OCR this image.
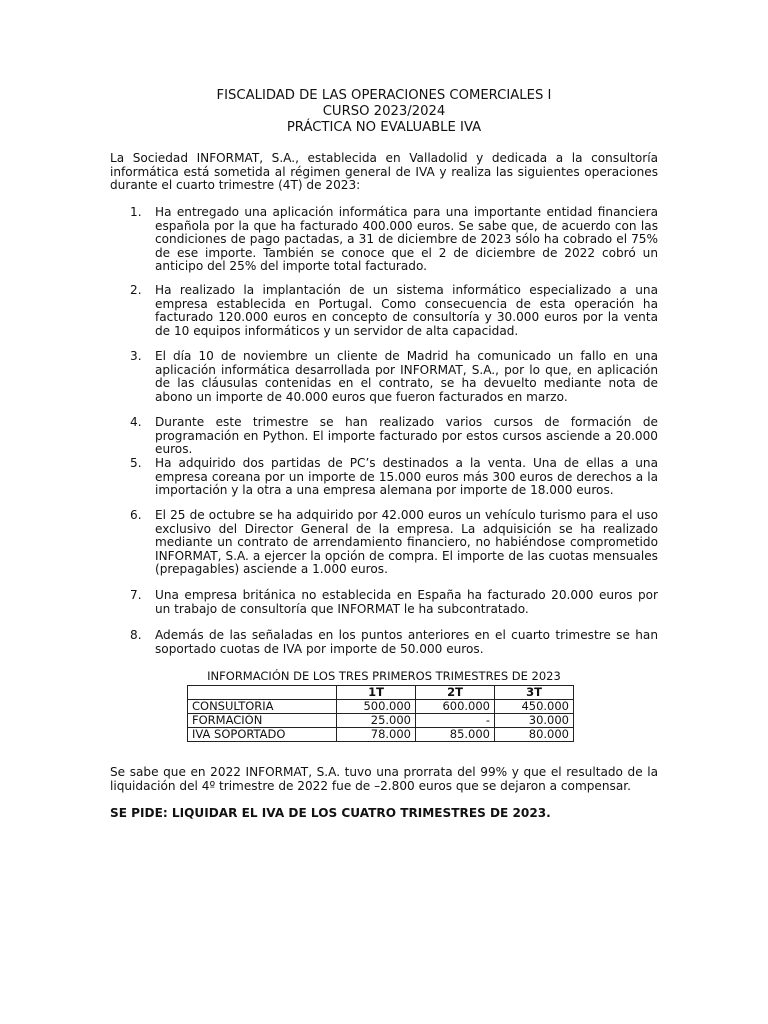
FISCALIDAD DE LAS OPERACIONES COMERCIALES I
CURSO 2023/2024
PRÁCTICA NO EVALUABLE IVA
La Sociedad INFORMAT, S.A., establecida en Valladolid y dedicada a la consultoría informática está sometida al régimen general de IVA y realiza las siguientes operaciones durante el cuarto trimestre (4T) de 2023:
1.	Ha entregado una aplicación informática para una importante entidad financiera española por la que ha facturado 400.000 euros. Se sabe que, de acuerdo con las condiciones de pago pactadas, a 31 de diciembre de 2023 sólo ha cobrado el 75% de ese importe. También se conoce que el 2 de diciembre de 2022 cobró un anticipo del 25% del importe total facturado.
2.	Ha realizado la implantación de un sistema informático especializado a una empresa establecida en Portugal. Como consecuencia de esta operación ha facturado 120.000 euros en concepto de consultoría y 30.000 euros por la venta de 10 equipos informáticos y un servidor de alta capacidad.
3.	El día 10 de noviembre un cliente de Madrid ha comunicado un fallo en una aplicación informática desarrollada por INFORMAT, S.A., por lo que, en aplicación de las cláusulas contenidas en el contrato, se ha devuelto mediante nota de abono un importe de 40.000 euros que fueron facturados en marzo.
4.	Durante este trimestre se han realizado varios cursos de formación de programación en Python. El importe facturado por estos cursos asciende a 20.000 euros.
5.	Ha adquirido dos partidas de PC’s destinados a la venta. Una de ellas a una empresa coreana por un importe de 15.000 euros más 300 euros de derechos a la importación y la otra a una empresa alemana por importe de 18.000 euros.
6.	El 25 de octubre se ha adquirido por 42.000 euros un vehículo turismo para el uso exclusivo del Director General de la empresa. La adquisición se ha realizado mediante un contrato de arrendamiento financiero, no habiéndose comprometido INFORMAT, S.A. a ejercer la opción de compra. El importe de las cuotas mensuales (prepagables) asciende a 1.000 euros.
7.	Una empresa británica no establecida en España ha facturado 20.000 euros por un trabajo de consultoría que INFORMAT le ha subcontratado.
8.	Además de las señaladas en los puntos anteriores en el cuarto trimestre se han soportado cuotas de IVA por importe de 50.000 euros.
INFORMACIÓN DE LOS TRES PRIMEROS TRIMESTRES DE 2023
	1T	2T	3T
CONSULTORIA	500.000	600.000	450.000
FORMACIÓN	25.000	-	30.000
IVA SOPORTADO	78.000	85.000	80.000
Se sabe que en 2022 INFORMAT, S.A. tuvo una prorrata del 99% y que el resultado de la liquidación del 4º trimestre de 2022 fue de –2.800 euros que se dejaron a compensar.
SE PIDE: LIQUIDAR EL IVA DE LOS CUATRO TRIMESTRES DE 2023.
